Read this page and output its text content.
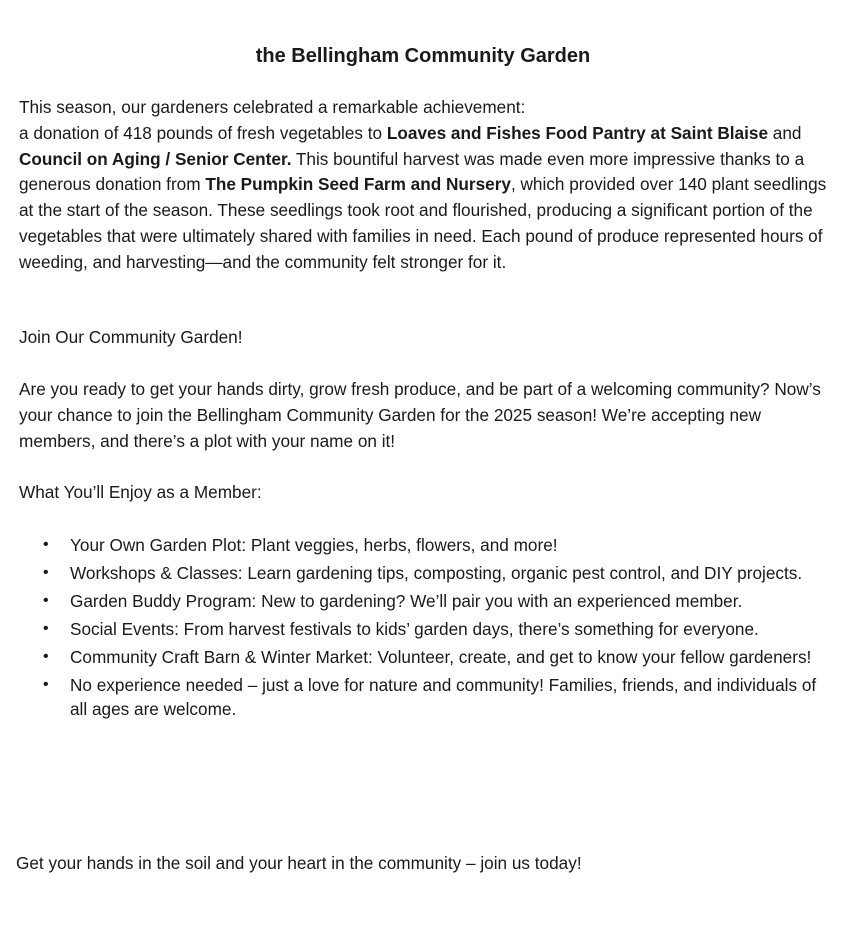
the Bellingham Community Garden
This season, our gardeners celebrated a remarkable achievement:
a donation of 418 pounds of fresh vegetables to Loaves and Fishes Food Pantry at Saint Blaise and Council on Aging / Senior Center. This bountiful harvest was made even more impressive thanks to a generous donation from The Pumpkin Seed Farm and Nursery, which provided over 140 plant seedlings at the start of the season. These seedlings took root and flourished, producing a significant portion of the vegetables that were ultimately shared with families in need. Each pound of produce represented hours of weeding, and harvesting—and the community felt stronger for it.
Join Our Community Garden!
Are you ready to get your hands dirty, grow fresh produce, and be part of a welcoming community? Now’s your chance to join the Bellingham Community Garden for the 2025 season! We’re accepting new members, and there’s a plot with your name on it!
What You’ll Enjoy as a Member:
•	Your Own Garden Plot: Plant veggies, herbs, flowers, and more!
•	Workshops & Classes: Learn gardening tips, composting, organic pest control, and DIY projects.
•	Garden Buddy Program: New to gardening? We’ll pair you with an experienced member.
•	Social Events: From harvest festivals to kids’ garden days, there’s something for everyone.
•	Community Craft Barn & Winter Market: Volunteer, create, and get to know your fellow gardeners!
•	No experience needed – just a love for nature and community! Families, friends, and individuals of all ages are welcome.
Get your hands in the soil and your heart in the community – join us today!
